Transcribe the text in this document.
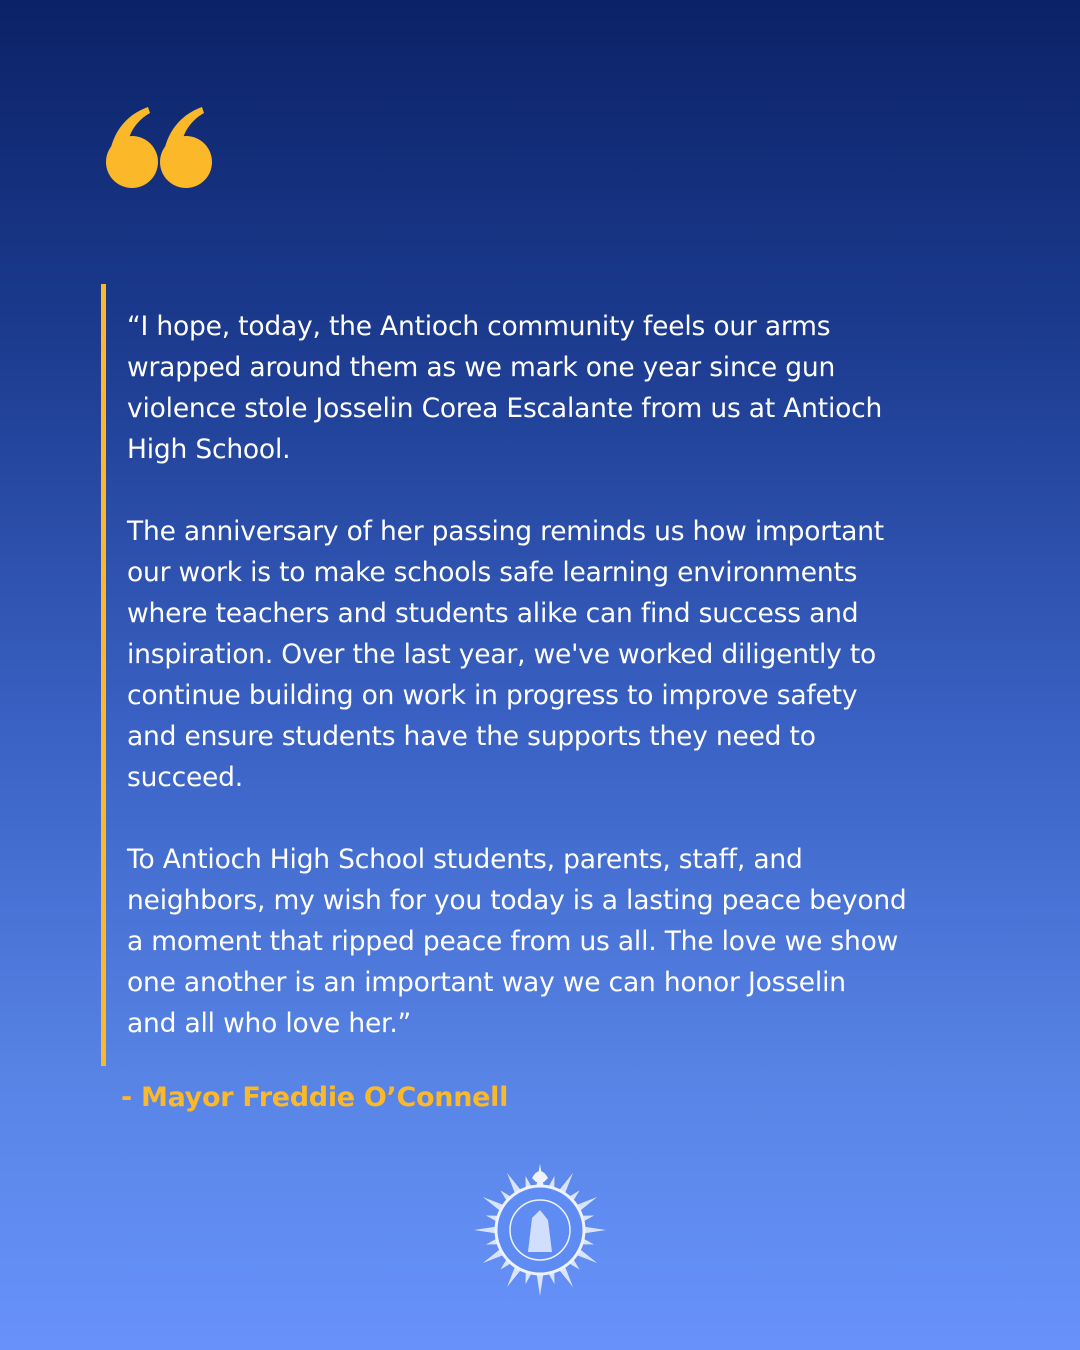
“I hope, today, the Antioch community feels our arms
wrapped around them as we mark one year since gun
violence stole Josselin Corea Escalante from us at Antioch
High School.

The anniversary of her passing reminds us how important
our work is to make schools safe learning environments
where teachers and students alike can find success and
inspiration. Over the last year, we've worked diligently to
continue building on work in progress to improve safety
and ensure students have the supports they need to
succeed.

To Antioch High School students, parents, staff, and
neighbors, my wish for you today is a lasting peace beyond
a moment that ripped peace from us all. The love we show
one another is an important way we can honor Josselin
and all who love her.”

- Mayor Freddie O’Connell
